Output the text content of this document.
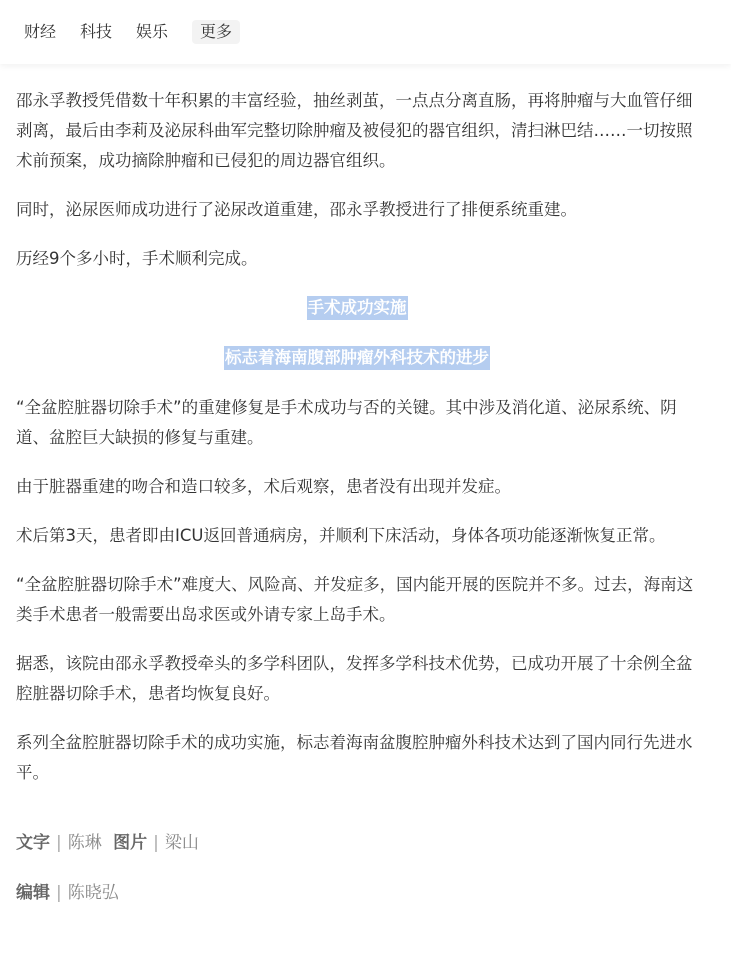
财经 科技 娱乐	更多

邵永孚教授凭借数十年积累的丰富经验，抽丝剥茧，一点点分离直肠，再将肿瘤与大血管仔细剥离，最后由李莉及泌尿科曲军完整切除肿瘤及被侵犯的器官组织，清扫淋巴结……一切按照术前预案，成功摘除肿瘤和已侵犯的周边器官组织。

同时，泌尿医师成功进行了泌尿改道重建，邵永孚教授进行了排便系统重建。

历经9个多小时，手术顺利完成。

手术成功实施
标志着海南腹部肿瘤外科技术的进步

“全盆腔脏器切除手术”的重建修复是手术成功与否的关键。其中涉及消化道、泌尿系统、阴道、盆腔巨大缺损的修复与重建。

由于脏器重建的吻合和造口较多，术后观察，患者没有出现并发症。

术后第3天，患者即由ICU返回普通病房，并顺利下床活动，身体各项功能逐渐恢复正常。

“全盆腔脏器切除手术”难度大、风险高、并发症多，国内能开展的医院并不多。过去，海南这类手术患者一般需要出岛求医或外请专家上岛手术。

据悉，该院由邵永孚教授牵头的多学科团队，发挥多学科技术优势，已成功开展了十余例全盆腔脏器切除手术，患者均恢复良好。

系列全盆腔脏器切除手术的成功实施，标志着海南盆腹腔肿瘤外科技术达到了国内同行先进水平。

文字 | 陈琳 图片 | 梁山

编辑 | 陈晓弘
